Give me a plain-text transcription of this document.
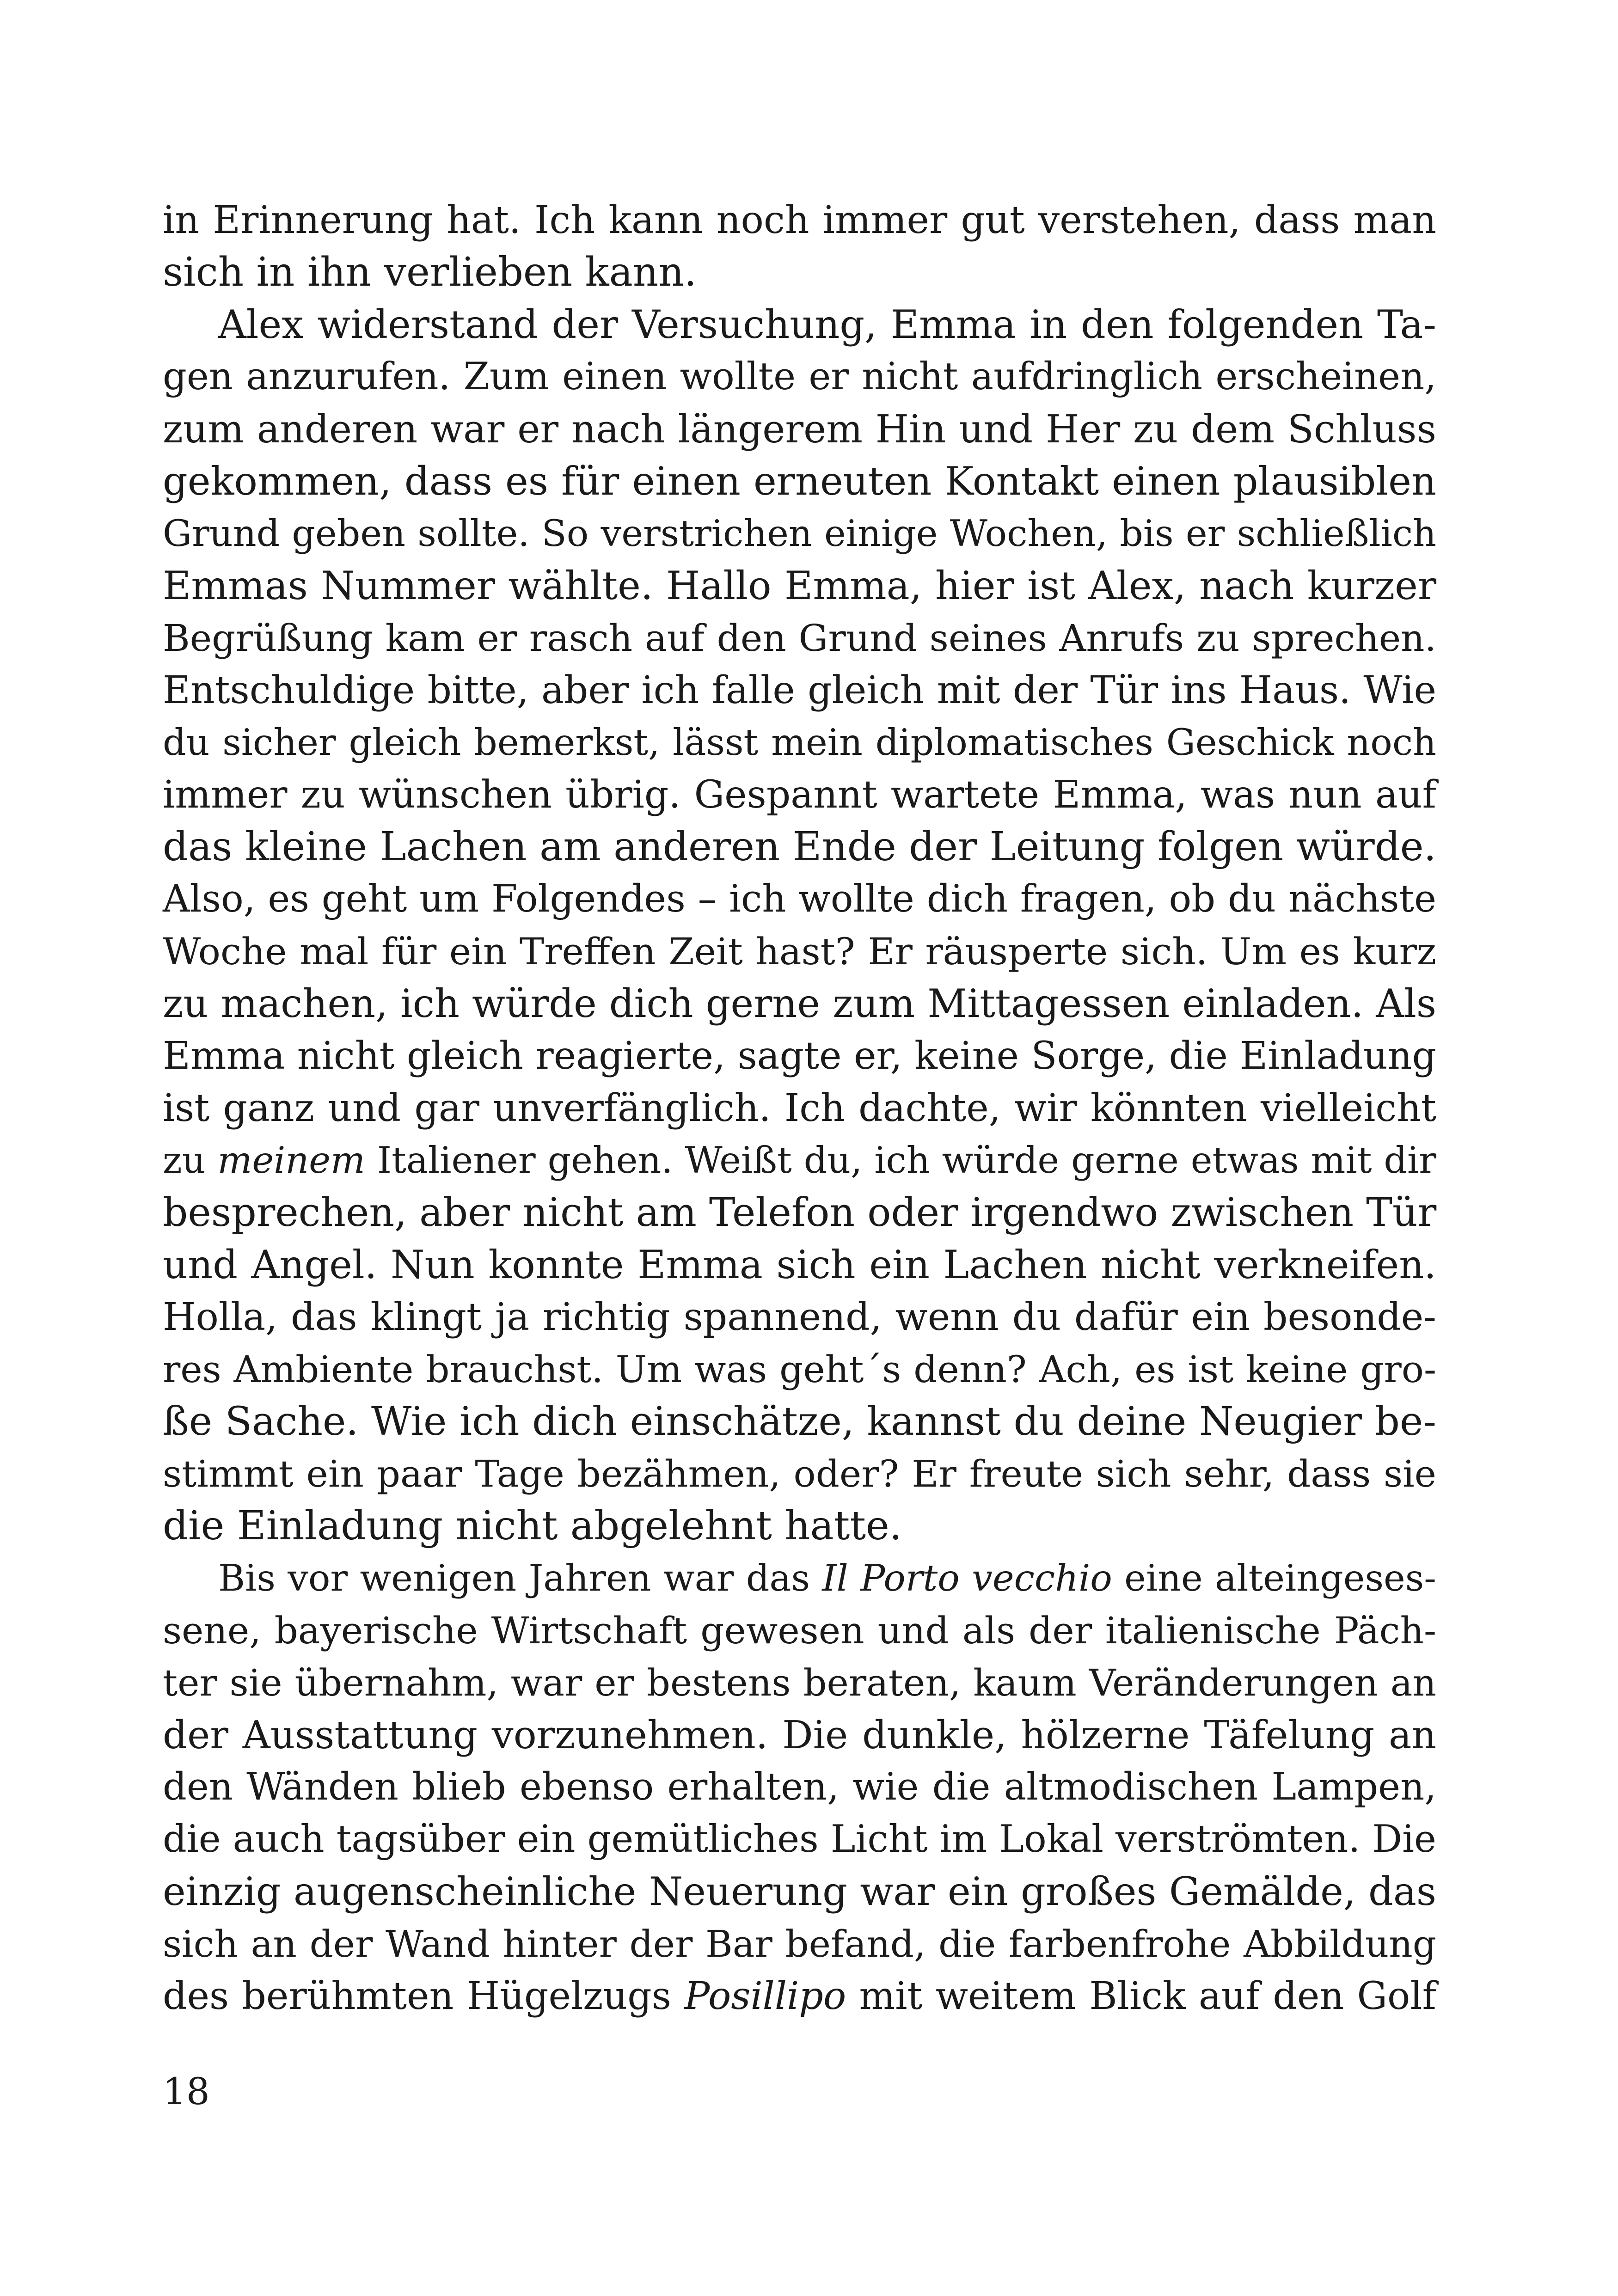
in Erinnerung hat. Ich kann noch immer gut verstehen, dass man
sich in ihn verlieben kann.
Alex widerstand der Versuchung, Emma in den folgenden Ta-
gen anzurufen. Zum einen wollte er nicht aufdringlich erscheinen,
zum anderen war er nach längerem Hin und Her zu dem Schluss
gekommen, dass es für einen erneuten Kontakt einen plausiblen
Grund geben sollte. So verstrichen einige Wochen, bis er schließlich
Emmas Nummer wählte. Hallo Emma, hier ist Alex, nach kurzer
Begrüßung kam er rasch auf den Grund seines Anrufs zu sprechen.
Entschuldige bitte, aber ich falle gleich mit der Tür ins Haus. Wie
du sicher gleich bemerkst, lässt mein diplomatisches Geschick noch
immer zu wünschen übrig. Gespannt wartete Emma, was nun auf
das kleine Lachen am anderen Ende der Leitung folgen würde.
Also, es geht um Folgendes – ich wollte dich fragen, ob du nächste
Woche mal für ein Treffen Zeit hast? Er räusperte sich. Um es kurz
zu machen, ich würde dich gerne zum Mittagessen einladen. Als
Emma nicht gleich reagierte, sagte er, keine Sorge, die Einladung
ist ganz und gar unverfänglich. Ich dachte, wir könnten vielleicht
zu meinem Italiener gehen. Weißt du, ich würde gerne etwas mit dir
besprechen, aber nicht am Telefon oder irgendwo zwischen Tür
und Angel. Nun konnte Emma sich ein Lachen nicht verkneifen.
Holla, das klingt ja richtig spannend, wenn du dafür ein besonde-
res Ambiente brauchst. Um was geht´s denn? Ach, es ist keine gro-
ße Sache. Wie ich dich einschätze, kannst du deine Neugier be-
stimmt ein paar Tage bezähmen, oder? Er freute sich sehr, dass sie
die Einladung nicht abgelehnt hatte.
Bis vor wenigen Jahren war das Il Porto vecchio eine alteingeses-
sene, bayerische Wirtschaft gewesen und als der italienische Päch-
ter sie übernahm, war er bestens beraten, kaum Veränderungen an
der Ausstattung vorzunehmen. Die dunkle, hölzerne Täfelung an
den Wänden blieb ebenso erhalten, wie die altmodischen Lampen,
die auch tagsüber ein gemütliches Licht im Lokal verströmten. Die
einzig augenscheinliche Neuerung war ein großes Gemälde, das
sich an der Wand hinter der Bar befand, die farbenfrohe Abbildung
des berühmten Hügelzugs Posillipo mit weitem Blick auf den Golf
18
